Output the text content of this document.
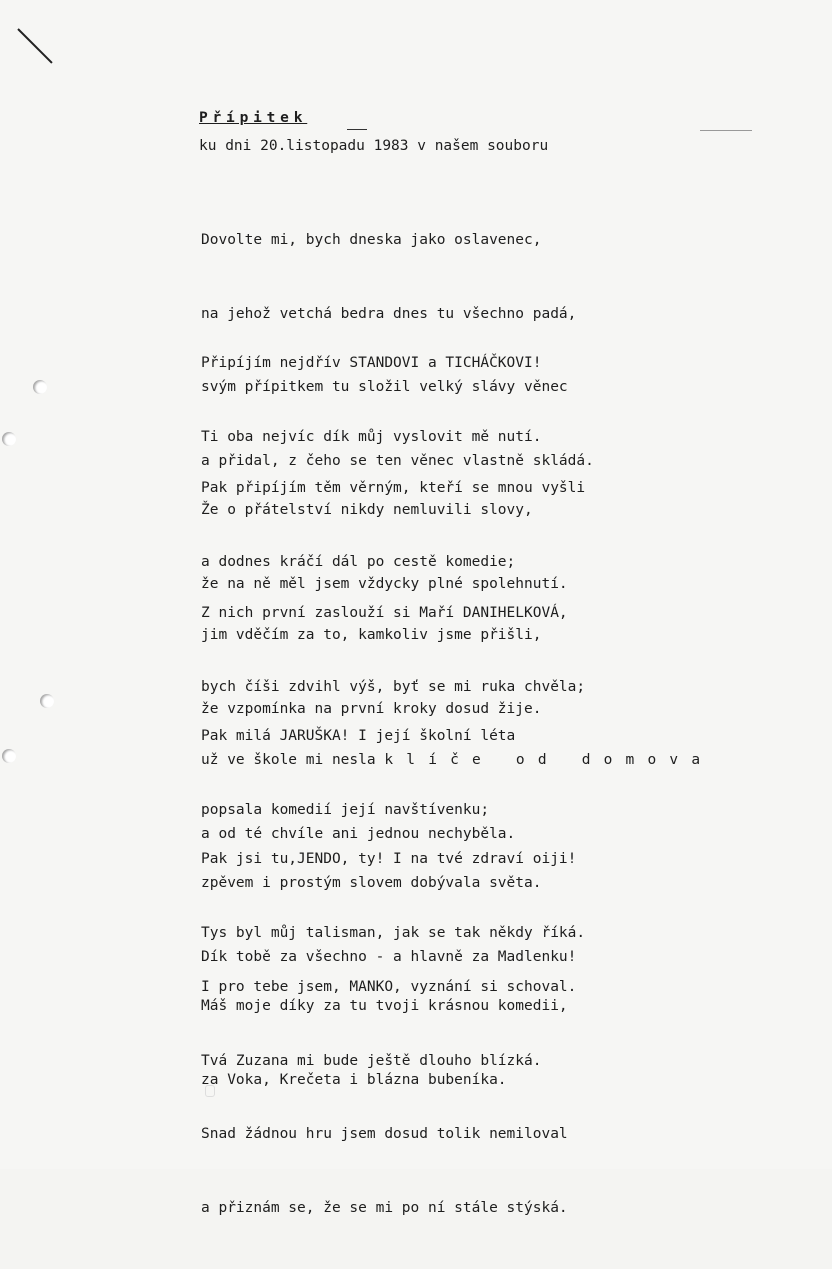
Přípitek
ku dni 20.listopadu 1983 v našem souboru

Dovolte mi, bych dneska jako oslavenec,

na jehož vetchá bedra dnes tu všechno padá,

svým přípitkem tu složil velký slávy věnec

a přidal, z čeho se ten věnec vlastně skládá.

Připíjím nejdřív STANDOVI a TICHÁČKOVI!

Ti oba nejvíc dík můj vyslovit mě nutí.

Že o přátelství nikdy nemluvili slovy,

že na ně měl jsem vždycky plné spolehnutí.

Pak připíjím těm věrným, kteří se mnou vyšli

a dodnes kráčí dál po cestě komedie;

jim vděčím za to, kamkoliv jsme přišli,

že vzpomínka na první kroky dosud žije.

Z nich první zaslouží si Maří DANIHELKOVÁ,

bych číši zdvihl výš, byť se mi ruka chvěla;

už ve škole mi nesla klíče od domova

a od té chvíle ani jednou nechyběla.

Pak milá JARUŠKA! I její školní léta

popsala komedií její navštívenku;

zpěvem i prostým slovem dobývala světa.

Dík tobě za všechno - a hlavně za Madlenku!

Pak jsi tu,JENDO, ty! I na tvé zdraví oiji!

Tys byl můj talisman, jak se tak někdy říká.

Máš moje díky za tu tvoji krásnou komedii,

za Voka, Krečeta i blázna bubeníka.

I pro tebe jsem, MANKO, vyznání si schoval.

Tvá Zuzana mi bude ještě dlouho blízká.

Snad žádnou hru jsem dosud tolik nemiloval

a přiznám se, že se mi po ní stále stýská.
